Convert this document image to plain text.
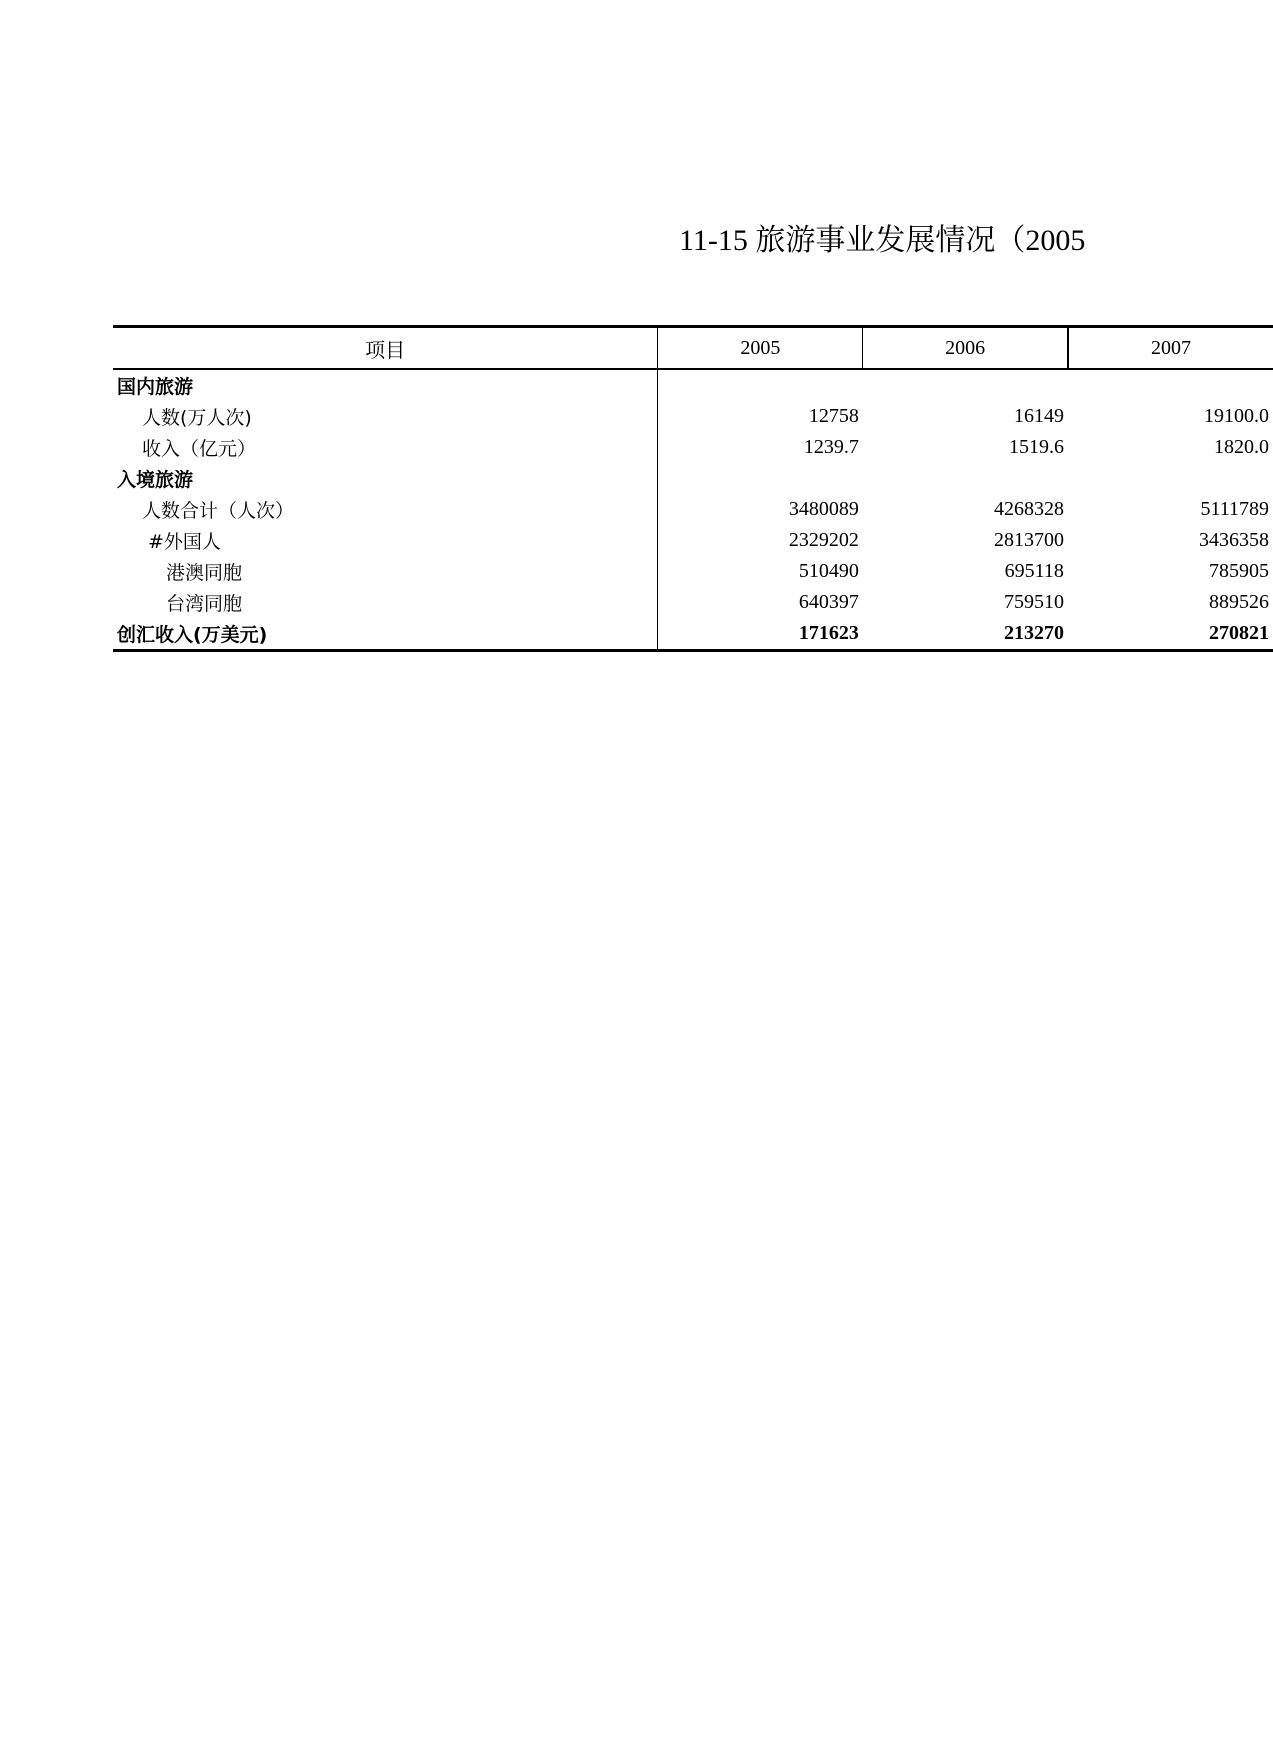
11-15 旅游事业发展情况（2005
项目	2005	2006	2007
国内旅游			
人数(万人次)	12758	16149	19100.0
收入（亿元）	1239.7	1519.6	1820.0
入境旅游			
人数合计（人次）	3480089	4268328	5111789
#外国人	2329202	2813700	3436358
港澳同胞	510490	695118	785905
台湾同胞	640397	759510	889526
创汇收入(万美元)	171623	213270	270821
